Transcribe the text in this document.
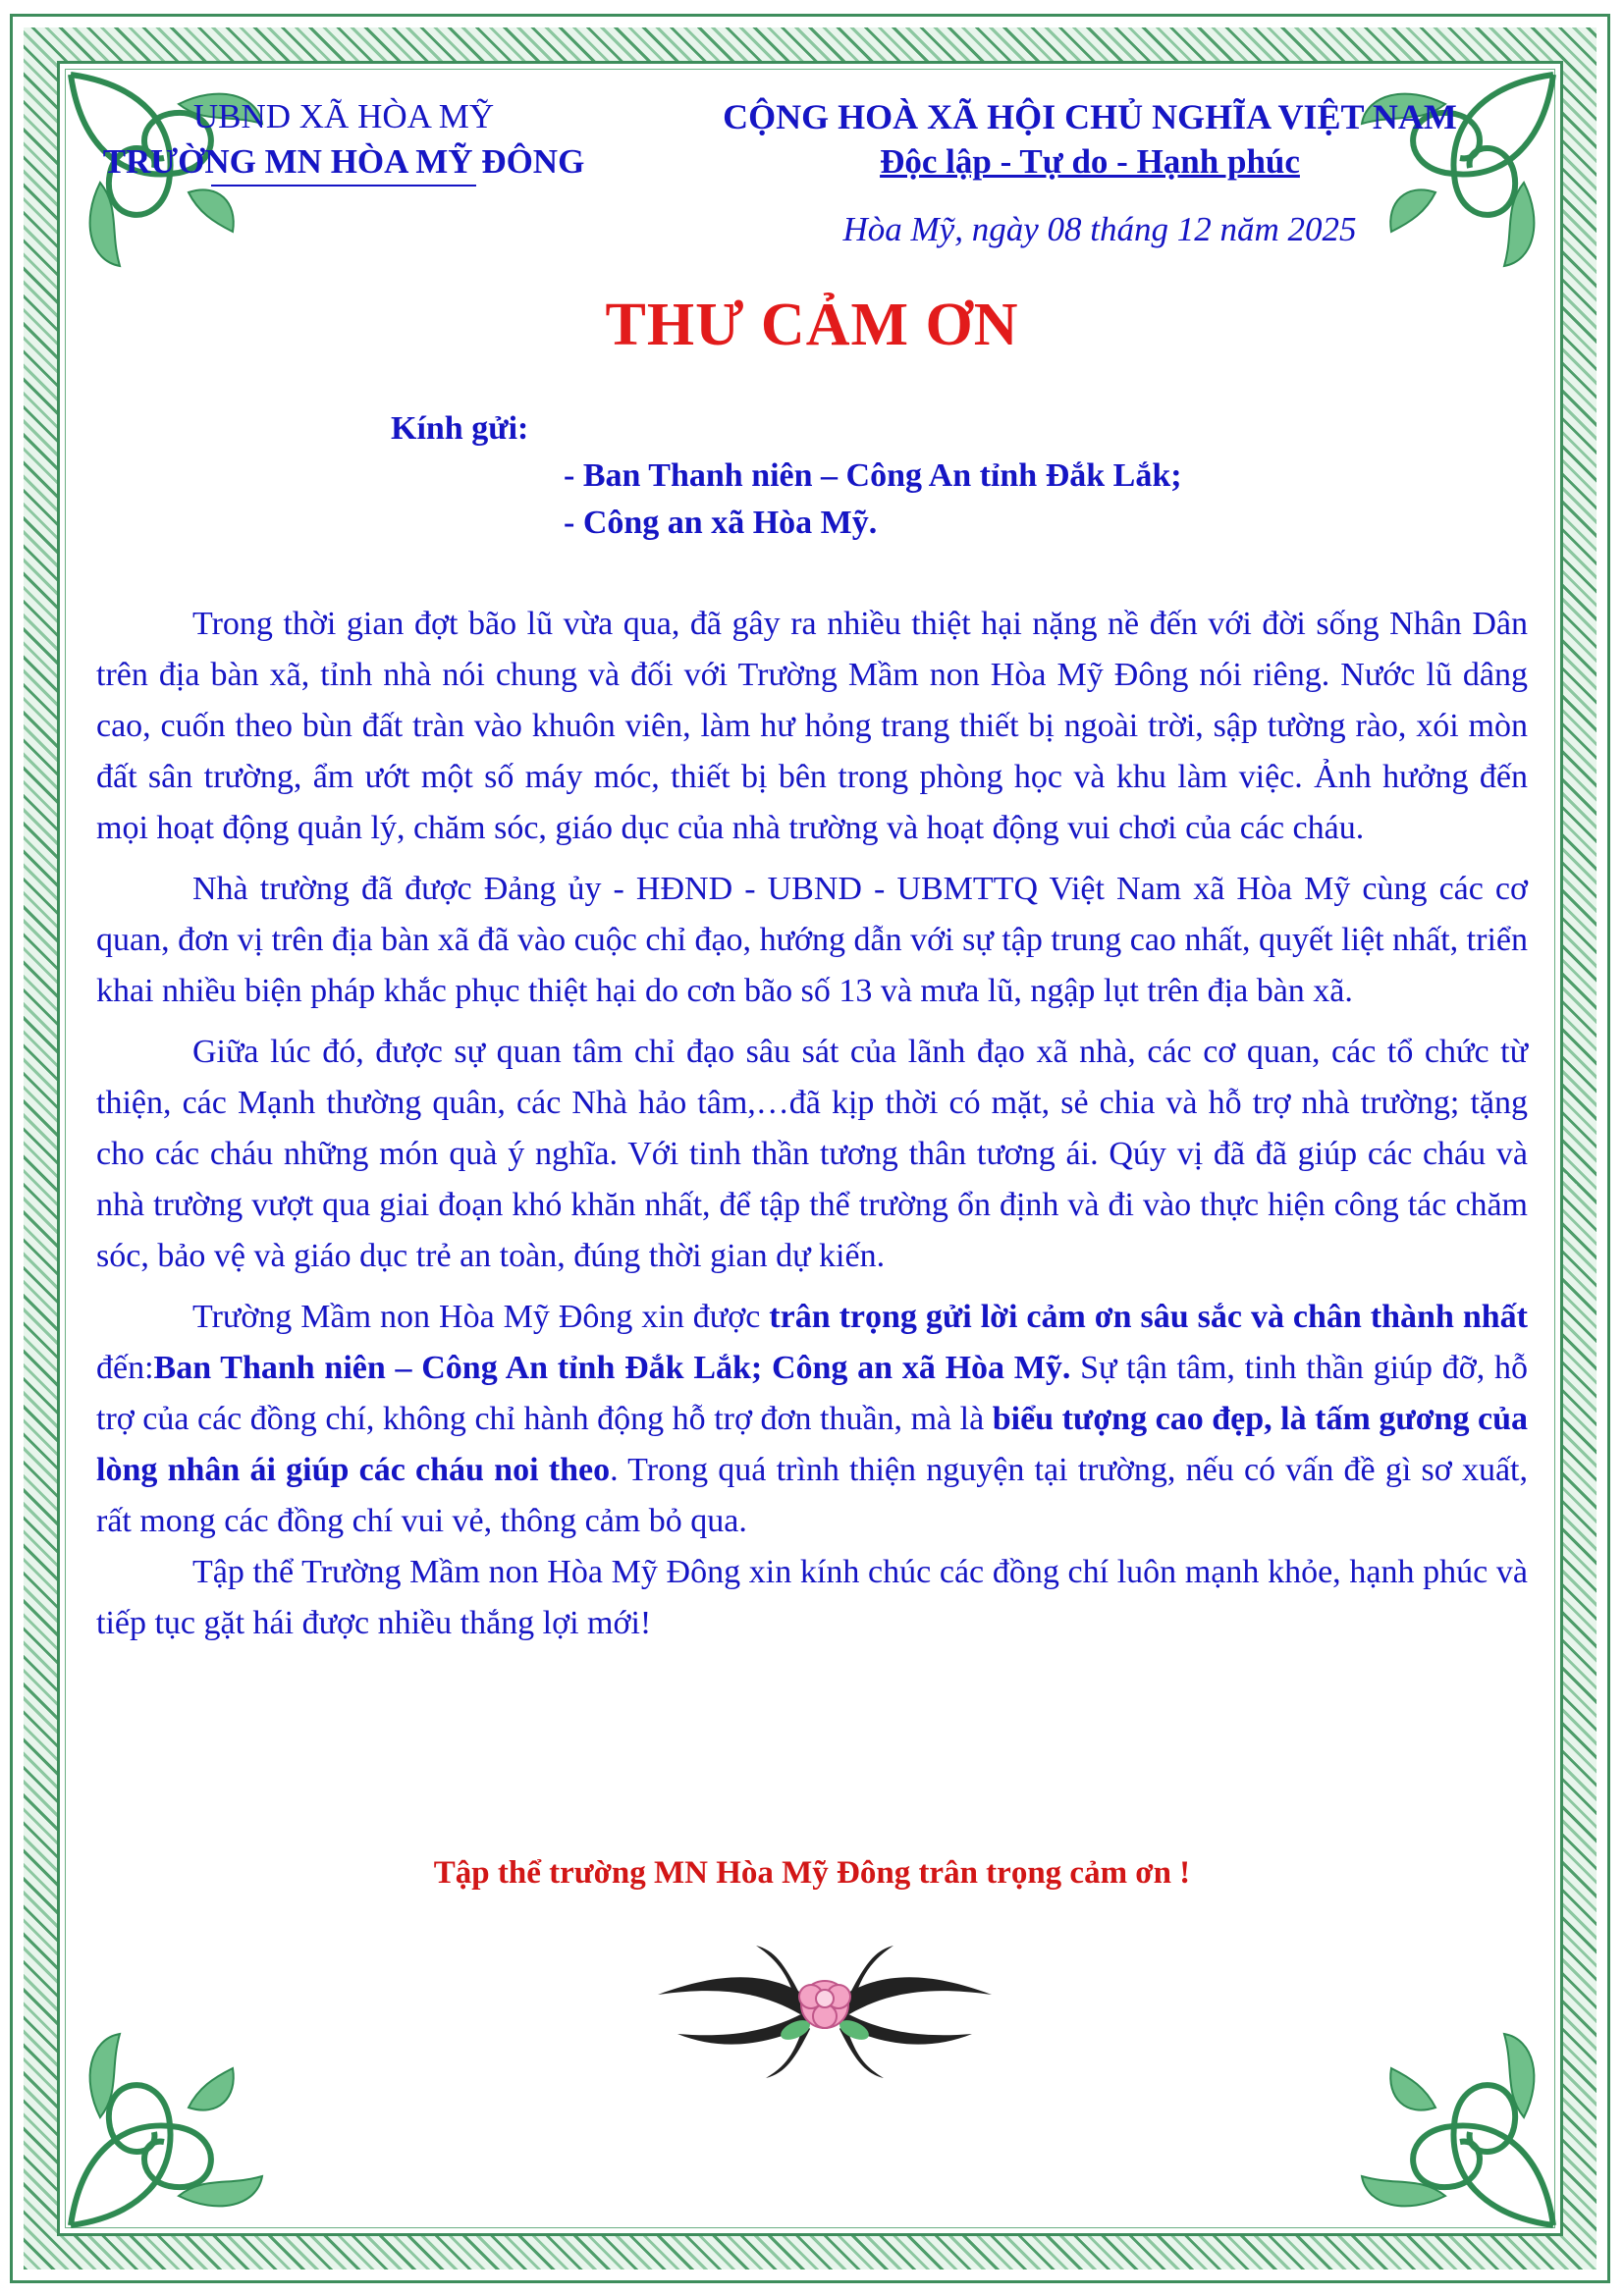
UBND XÃ HÒA MỸ
TRƯỜNG MN HÒA MỸ ĐÔNG
CỘNG HOÀ XÃ HỘI CHỦ NGHĨA VIỆT NAM
Độc lập - Tự do - Hạnh phúc
Hòa Mỹ, ngày 08 tháng 12 năm 2025
THƯ CẢM ƠN
Kính gửi:
- Ban Thanh niên – Công An tỉnh Đắk Lắk;
- Công an xã Hòa Mỹ.

Trong thời gian đợt bão lũ vừa qua, đã gây ra nhiều thiệt hại nặng nề đến với đời sống Nhân Dân trên địa bàn xã, tỉnh nhà nói chung và đối với Trường Mầm non Hòa Mỹ Đông nói riêng. Nước lũ dâng cao, cuốn theo bùn đất tràn vào khuôn viên, làm hư hỏng trang thiết bị ngoài trời, sập tường rào, xói mòn đất sân trường, ẩm ướt một số máy móc, thiết bị bên trong phòng học và khu làm việc. Ảnh hưởng đến mọi hoạt động quản lý, chăm sóc, giáo dục của nhà trường và hoạt động vui chơi của các cháu.

Nhà trường đã được Đảng ủy - HĐND - UBND - UBMTTQ Việt Nam xã Hòa Mỹ cùng các cơ quan, đơn vị trên địa bàn xã đã vào cuộc chỉ đạo, hướng dẫn với sự tập trung cao nhất, quyết liệt nhất, triển khai nhiều biện pháp khắc phục thiệt hại do cơn bão số 13 và mưa lũ, ngập lụt trên địa bàn xã.

Giữa lúc đó, được sự quan tâm chỉ đạo sâu sát của lãnh đạo xã nhà, các cơ quan, các tổ chức từ thiện, các Mạnh thường quân, các Nhà hảo tâm,…đã kịp thời có mặt, sẻ chia và hỗ trợ nhà trường; tặng cho các cháu những món quà ý nghĩa. Với tinh thần tương thân tương ái. Qúy vị đã đã giúp các cháu và nhà trường vượt qua giai đoạn khó khăn nhất, để tập thể trường ổn định và đi vào thực hiện công tác chăm sóc, bảo vệ và giáo dục trẻ an toàn, đúng thời gian dự kiến.

Trường Mầm non Hòa Mỹ Đông xin được trân trọng gửi lời cảm ơn sâu sắc và chân thành nhất đến:Ban Thanh niên – Công An tỉnh Đắk Lắk; Công an xã Hòa Mỹ. Sự tận tâm, tinh thần giúp đỡ, hỗ trợ của các đồng chí, không chỉ hành động hỗ trợ đơn thuần, mà là biểu tượng cao đẹp, là tấm gương của lòng nhân ái giúp các cháu noi theo. Trong quá trình thiện nguyện tại trường, nếu có vấn đề gì sơ xuất, rất mong các đồng chí vui vẻ, thông cảm bỏ qua.

Tập thể Trường Mầm non Hòa Mỹ Đông xin kính chúc các đồng chí luôn mạnh khỏe, hạnh phúc và tiếp tục gặt hái được nhiều thắng lợi mới!

Tập thể trường MN Hòa Mỹ Đông trân trọng cảm ơn !
